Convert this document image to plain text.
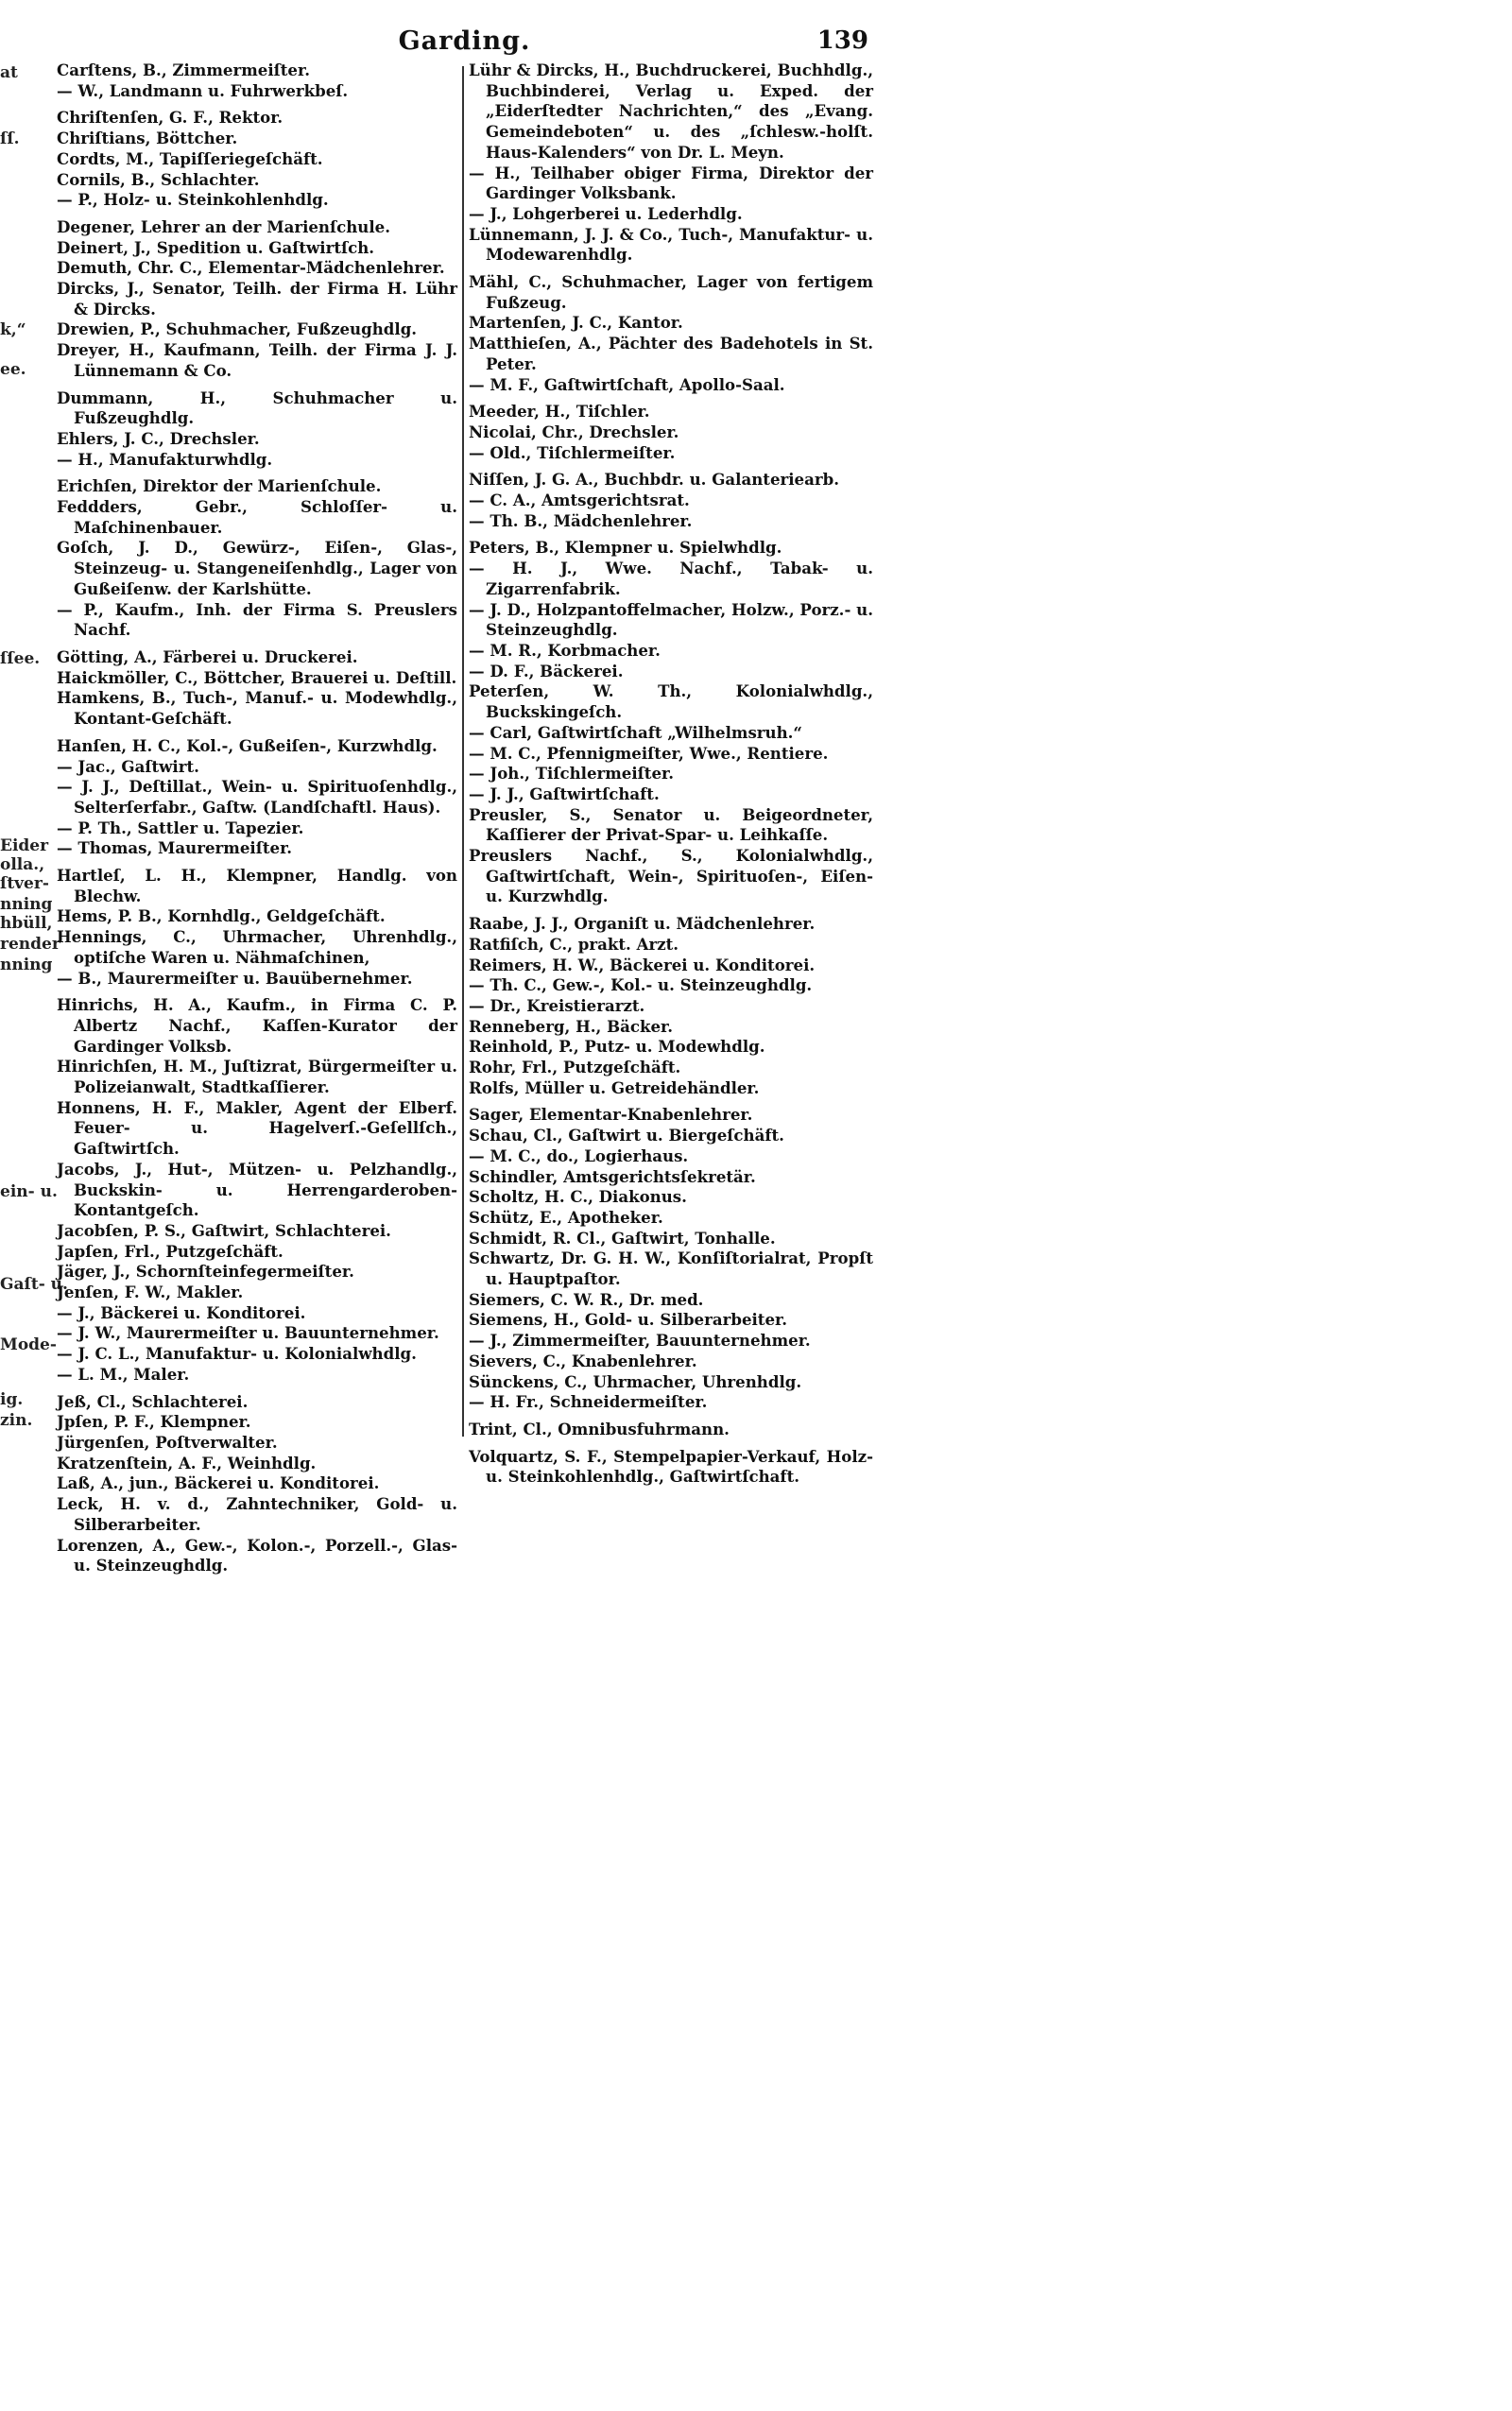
Garding.	139
at
ſſ.
k,“
ee.
ſſee.
Eider
olla.,
ſtver-
nning
hbüll,
render
nning
ein- u.
Gaſt- u.
Mode-
ig.
zin.
Carſtens, B., Zimmermeiſter.
— W., Landmann u. Fuhrwerkbeſ.
Chriſtenſen, G. F., Rektor.
Chriſtians, Böttcher.
Cordts, M., Tapiſſeriegeſchäft.
Cornils, B., Schlachter.
— P., Holz- u. Steinkohlenhdlg.
Degener, Lehrer an der Marienſchule.
Deinert, J., Spedition u. Gaſtwirtſch.
Demuth, Chr. C., Elementar-Mädchenlehrer.
Dircks, J., Senator, Teilh. der Firma H. Lühr & Dircks.
Drewien, P., Schuhmacher, Fußzeughdlg.
Dreyer, H., Kaufmann, Teilh. der Firma J. J. Lünnemann & Co.
Dummann, H., Schuhmacher u. Fußzeughdlg.
Ehlers, J. C., Drechsler.
— H., Manufakturwhdlg.
Erichſen, Direktor der Marienſchule.
Feddders, Gebr., Schloſſer- u. Maſchinenbauer.
Goſch, J. D., Gewürz-, Eiſen-, Glas-, Steinzeug- u. Stangeneiſenhdlg., Lager von Gußeiſenw. der Karlshütte.
— P., Kaufm., Inh. der Firma S. Preuslers Nachf.
Götting, A., Färberei u. Druckerei.
Haickmöller, C., Böttcher, Brauerei u. Deſtill.
Hamkens, B., Tuch-, Manuf.- u. Modewhdlg., Kontant-Geſchäft.
Hanſen, H. C., Kol.-, Gußeiſen-, Kurzwhdlg.
— Jac., Gaſtwirt.
— J. J., Deſtillat., Wein- u. Spirituoſenhdlg., Selterſerfabr., Gaſtw. (Landſchaftl. Haus).
— P. Th., Sattler u. Tapezier.
— Thomas, Maurermeiſter.
Hartleſ, L. H., Klempner, Handlg. von Blechw.
Hems, P. B., Kornhdlg., Geldgeſchäft.
Hennings, C., Uhrmacher, Uhrenhdlg., optiſche Waren u. Nähmaſchinen,
— B., Maurermeiſter u. Bauübernehmer.
Hinrichs, H. A., Kaufm., in Firma C. P. Albertz Nachf., Kaſſen-Kurator der Gardinger Volksb.
Hinrichſen, H. M., Juſtizrat, Bürgermeiſter u. Polizeianwalt, Stadtkaſſierer.
Honnens, H. F., Makler, Agent der Elberf. Feuer- u. Hagelverſ.-Geſellſch., Gaſtwirtſch.
Jacobs, J., Hut-, Mützen- u. Pelzhandlg., Buckskin- u. Herrengarderoben-Kontantgeſch.
Jacobſen, P. S., Gaſtwirt, Schlachterei.
Japſen, Frl., Putzgeſchäft.
Jäger, J., Schornſteinfegermeiſter.
Jenſen, F. W., Makler.
— J., Bäckerei u. Konditorei.
— J. W., Maurermeiſter u. Bauunternehmer.
— J. C. L., Manufaktur- u. Kolonialwhdlg.
— L. M., Maler.
Jeß, Cl., Schlachterei.
Jpſen, P. F., Klempner.
Jürgenſen, Poſtverwalter.
Kratzenſtein, A. F., Weinhdlg.
Laß, A., jun., Bäckerei u. Konditorei.
Leck, H. v. d., Zahntechniker, Gold- u. Silberarbeiter.
Lorenzen, A., Gew.-, Kolon.-, Porzell.-, Glas- u. Steinzeughdlg.
Lühr & Dircks, H., Buchdruckerei, Buchhdlg., Buchbinderei, Verlag u. Exped. der „Eiderſtedter Nachrichten,“ des „Evang. Gemeindeboten“ u. des „ſchlesw.-holſt. Haus-Kalenders“ von Dr. L. Meyn.
— H., Teilhaber obiger Firma, Direktor der Gardinger Volksbank.
— J., Lohgerberei u. Lederhdlg.
Lünnemann, J. J. & Co., Tuch-, Manufaktur- u. Modewarenhdlg.
Mähl, C., Schuhmacher, Lager von fertigem Fußzeug.
Martenſen, J. C., Kantor.
Matthieſen, A., Pächter des Badehotels in St. Peter.
— M. F., Gaſtwirtſchaft, Apollo-Saal.
Meeder, H., Tiſchler.
Nicolai, Chr., Drechsler.
— Old., Tiſchlermeiſter.
Niſſen, J. G. A., Buchbdr. u. Galanteriearb.
— C. A., Amtsgerichtsrat.
— Th. B., Mädchenlehrer.
Peters, B., Klempner u. Spielwhdlg.
— H. J., Wwe. Nachf., Tabak- u. Zigarrenfabrik.
— J. D., Holzpantoffelmacher, Holzw., Porz.- u. Steinzeughdlg.
— M. R., Korbmacher.
— D. F., Bäckerei.
Peterſen, W. Th., Kolonialwhdlg., Buckskingeſch.
— Carl, Gaſtwirtſchaft „Wilhelmsruh.“
— M. C., Pfennigmeiſter, Wwe., Rentiere.
— Joh., Tiſchlermeiſter.
— J. J., Gaſtwirtſchaft.
Preusler, S., Senator u. Beigeordneter, Kaſſierer der Privat-Spar- u. Leihkaſſe.
Preuslers Nachf., S., Kolonialwhdlg., Gaſtwirtſchaft, Wein-, Spirituoſen-, Eiſen- u. Kurzwhdlg.
Raabe, J. J., Organiſt u. Mädchenlehrer.
Ratfiſch, C., prakt. Arzt.
Reimers, H. W., Bäckerei u. Konditorei.
— Th. C., Gew.-, Kol.- u. Steinzeughdlg.
— Dr., Kreistierarzt.
Renneberg, H., Bäcker.
Reinhold, P., Putz- u. Modewhdlg.
Rohr, Frl., Putzgeſchäft.
Rolfs, Müller u. Getreidehändler.
Sager, Elementar-Knabenlehrer.
Schau, Cl., Gaſtwirt u. Biergeſchäft.
— M. C., do., Logierhaus.
Schindler, Amtsgerichtsſekretär.
Scholtz, H. C., Diakonus.
Schütz, E., Apotheker.
Schmidt, R. Cl., Gaſtwirt, Tonhalle.
Schwartz, Dr. G. H. W., Konſiſtorialrat, Propſt u. Hauptpaſtor.
Siemers, C. W. R., Dr. med.
Siemens, H., Gold- u. Silberarbeiter.
— J., Zimmermeiſter, Bauunternehmer.
Sievers, C., Knabenlehrer.
Sünckens, C., Uhrmacher, Uhrenhdlg.
— H. Fr., Schneidermeiſter.
Trint, Cl., Omnibusfuhrmann.
Volquartz, S. F., Stempelpapier-Verkauf, Holz- u. Steinkohlenhdlg., Gaſtwirtſchaft.
